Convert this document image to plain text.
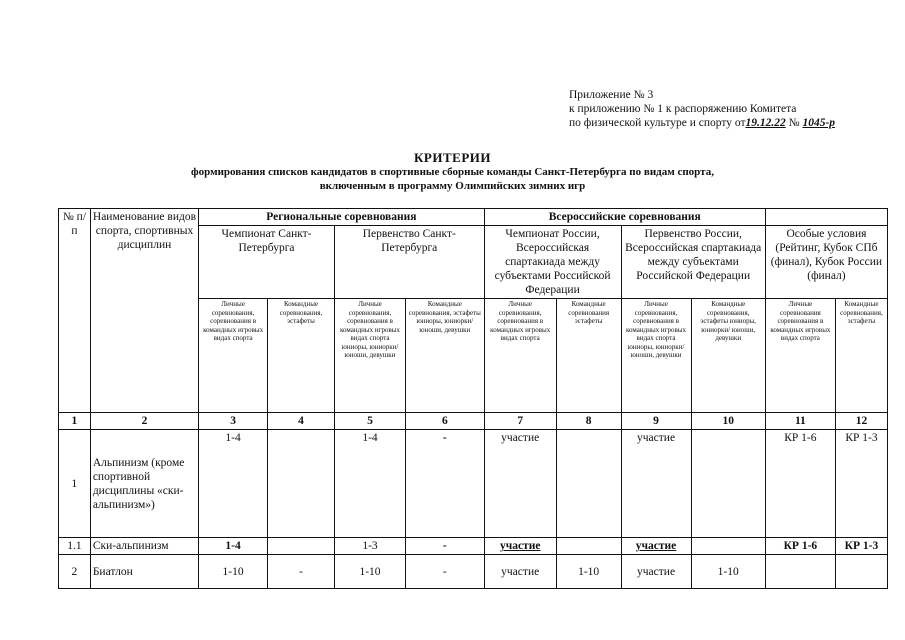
Приложение № 3
к приложению № 1 к распоряжению Комитета
по физической культуре и спорту от19.12.22 № 1045-р
КРИТЕРИИ
формирования списков кандидатов в спортивные сборные команды Санкт-Петербурга по видам спорта,
включенным в программу Олимпийских зимних игр
№ п/п	Наименование видов спорта, спортивных дисциплин	Региональные соревнования				Всероссийские соревнования					
		Чемпионат Санкт-Петербурга		Первенство Санкт-Петербурга		Чемпионат России, Всероссийская спартакиада между субъектами Российской Федерации		Первенство России, Всероссийская спартакиада между субъектами Российской Федерации		Особые условия (Рейтинг, Кубок СПб (финал), Кубок России (финал)	
		Личные соревнования, соревнования в командных игровых видах спорта	Командные соревнования, эстафеты	Личные соревнования, соревнования в командных игровых видах спорта юниоры, юниорки/ юноши, девушки	Командные соревнования, эстафеты юниоры, юниорки/ юноши, девушки	Личные соревнования, соревнования в командных игровых видах спорта	Командные соревнования эстафеты	Личные соревнования, соревнования в командных игровых видах спорта юниоры, юниорки/ юноши, девушки	Командные соревнования, эстафеты юниоры, юниорки/ юноши, девушки	Личные соревнования соревнования в командных игровых видах спорта	Командные соревнования, эстафеты
1	2	3	4	5	6	7	8	9	10	11	12
1	Альпинизм (кроме спортивной дисциплины «ски-альпинизм»)	1-4		1-4	-	участие		участие		КР 1-6	КР 1-3
1.1	Ски-альпинизм	1-4		1-3	-	участие		участие		КР 1-6	КР 1-3
2	Биатлон	1-10	-	1-10	-	участие	1-10	участие	1-10		
